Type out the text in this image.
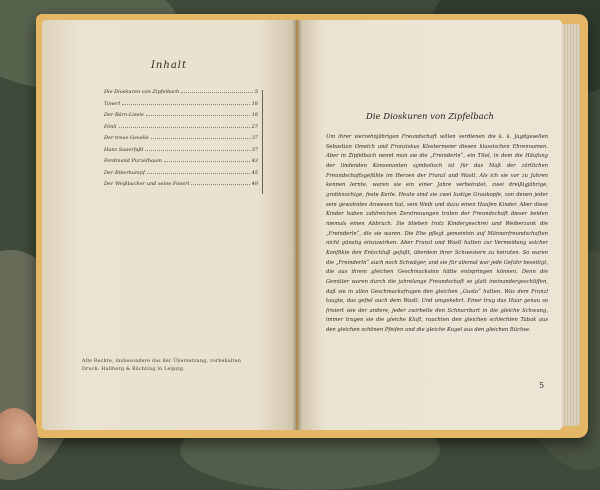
Inhalt
Die Dioskuren von Zipfelbach	5
Tonerl	18
Der Bärn-Lisele	18
Fönli	27
Der treue Geselle	37
Hans Sauerfaßl	37
Ferdinand Purzelbaum	43
Der Biberkumpf	45
Der Weißbacher und seine Fonerl	49
Alle Rechte, insbesondere das der Übersetzung, vorbehalten
Druck: Hallberg & Büchting in Leipzig
Die Dioskuren von Zipfelbach
Um ihrer vierzehnjährigen Freundschaft willen verdienen die k. k. Jagdgesellen Sebastian Omelch und Franziskus Klostermeier diesen klassischen Ehrennamen. Aber in Zipfelbach nennt man sie die „Freinderln“, ein Titel, in dem die Häufung der lindenden Konsonanten symbolisch ist für das Maß der zärtlichen Freundschaftsgefühle im Herzen der Franzl und Wastl. Als ich sie vor zu Jahren kennen lernte, waren sie ein einer Jahre verheiratet, zwei dreißigjährige, grobknochige, feste Kerle. Heute sind sie zwei lustige Graukopfe, von denen jeder sein gewohntes Anwesen hat, sein Weib und dazu einen Haufen Kinder. Aber diese Kinder haben zahlreichen Zerstreuungen traten der Freundschaft dieser beiden niemals einen Abbruch. Sie blieben trotz Kindergeschrei und Weiberzank die „Freinderln“, die sie waren. Die Ehe pflegt gemeinhin auf Männerfreundschaften nicht günstig einzuwirken. Aber Franzl und Wastl hatten zur Vermeidung solcher Konflikte den Entschluß gefaßt, überdem ihrer Schwestern zu heiraten. So waren die „Freinderln“ auch noch Schwäger, und sie für allemal war jede Gefahr beseitigt, die aus ihrem gleichen Geschmacksinn hätte entspringen können. Denn die Gemüter waren durch die jahrelange Freundschaft so glatt ineinandergeschliffen, daß sie in allen Geschmacksfragen den gleichen „Gusto“ hatten. Was dem Franzl taugte, das gefiel auch dem Wastl. Und umgekehrt. Einer trug das Haar genau so frisiert wie der andere, jeder zwirbelte den Schnurrbart in die gleiche Schwung, immer trugen sie die gleiche Kluft, rauchten den gleichen schlechten Tabak aus den gleichen schönen Pfeifen und die gleiche Kugel aus den gleichen Büchse.
5
